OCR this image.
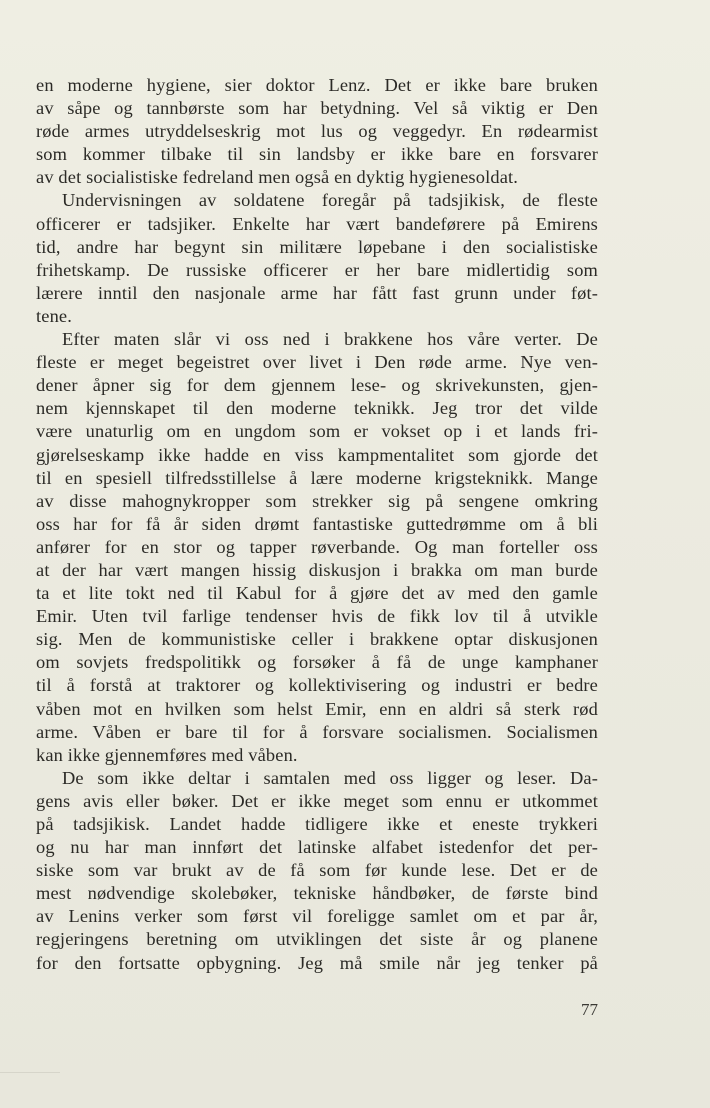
en moderne hygiene, sier doktor Lenz. Det er ikke bare bruken
av såpe og tannbørste som har betydning. Vel så viktig er Den
røde armes utryddelseskrig mot lus og veggedyr. En rødearmist
som kommer tilbake til sin landsby er ikke bare en forsvarer
av det socialistiske fedreland men også en dyktig hygienesoldat.
Undervisningen av soldatene foregår på tadsjikisk, de fleste
officerer er tadsjiker. Enkelte har vært bandeførere på Emirens
tid, andre har begynt sin militære løpebane i den socialistiske
frihetskamp. De russiske officerer er her bare midlertidig som
lærere inntil den nasjonale arme har fått fast grunn under føt-
tene.
Efter maten slår vi oss ned i brakkene hos våre verter. De
fleste er meget begeistret over livet i Den røde arme. Nye ven-
dener åpner sig for dem gjennem lese- og skrivekunsten, gjen-
nem kjennskapet til den moderne teknikk. Jeg tror det vilde
være unaturlig om en ungdom som er vokset op i et lands fri-
gjørelseskamp ikke hadde en viss kampmentalitet som gjorde det
til en spesiell tilfredsstillelse å lære moderne krigsteknikk. Mange
av disse mahognykropper som strekker sig på sengene omkring
oss har for få år siden drømt fantastiske guttedrømme om å bli
anfører for en stor og tapper røverbande. Og man forteller oss
at der har vært mangen hissig diskusjon i brakka om man burde
ta et lite tokt ned til Kabul for å gjøre det av med den gamle
Emir. Uten tvil farlige tendenser hvis de fikk lov til å utvikle
sig. Men de kommunistiske celler i brakkene optar diskusjonen
om sovjets fredspolitikk og forsøker å få de unge kamphaner
til å forstå at traktorer og kollektivisering og industri er bedre
våben mot en hvilken som helst Emir, enn en aldri så sterk rød
arme. Våben er bare til for å forsvare socialismen. Socialismen
kan ikke gjennemføres med våben.
De som ikke deltar i samtalen med oss ligger og leser. Da-
gens avis eller bøker. Det er ikke meget som ennu er utkommet
på tadsjikisk. Landet hadde tidligere ikke et eneste trykkeri
og nu har man innført det latinske alfabet istedenfor det per-
siske som var brukt av de få som før kunde lese. Det er de
mest nødvendige skolebøker, tekniske håndbøker, de første bind
av Lenins verker som først vil foreligge samlet om et par år,
regjeringens beretning om utviklingen det siste år og planene
for den fortsatte opbygning. Jeg må smile når jeg tenker på
77
